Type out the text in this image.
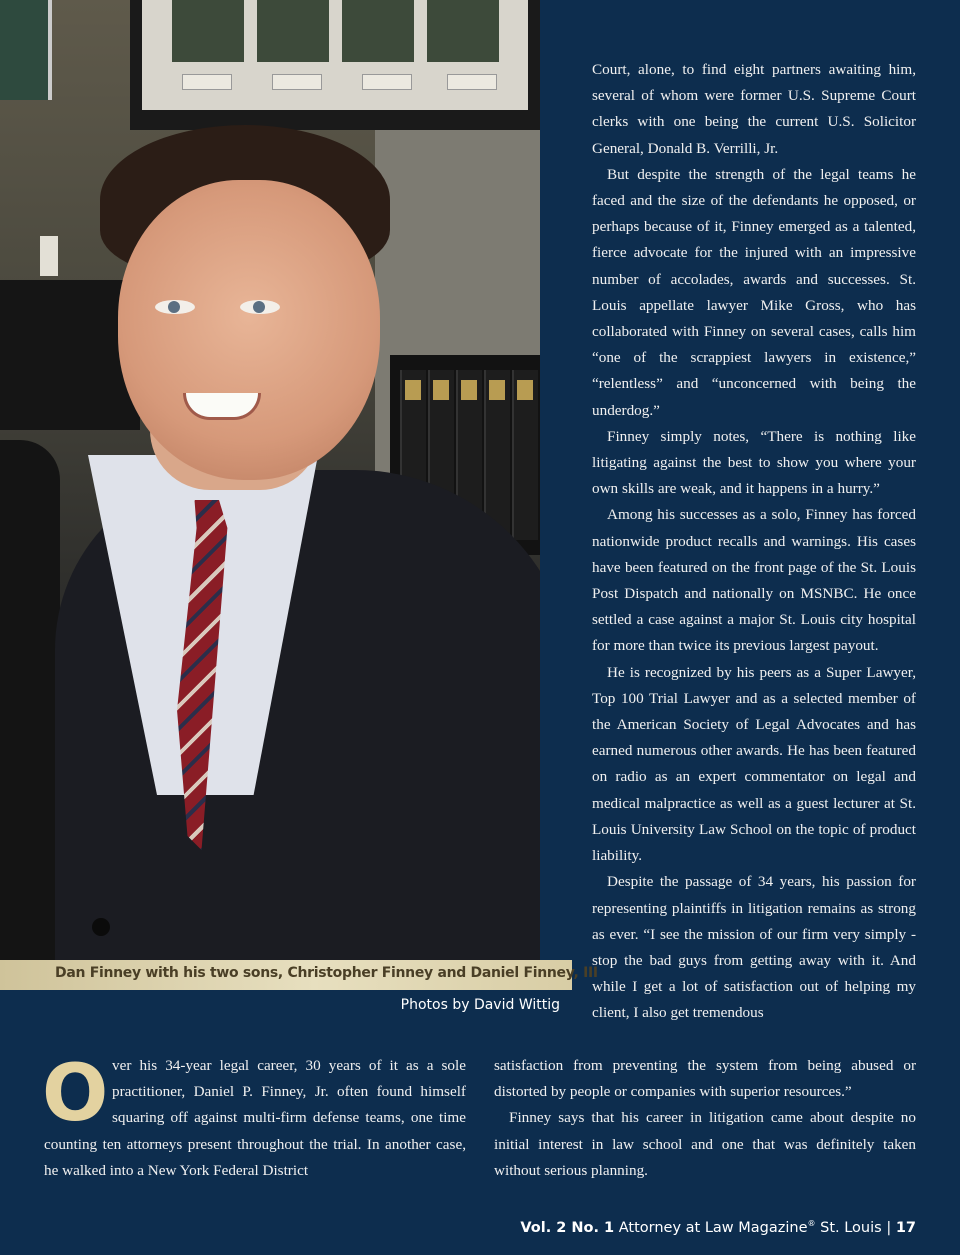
Dan Finney with his two sons, Christopher Finney and Daniel Finney, III
Photos by David Wittig

Court, alone, to find eight partners awaiting him, several of whom were former U.S. Supreme Court clerks with one being the current U.S. Solicitor General, Donald B. Verrilli, Jr.

But despite the strength of the legal teams he faced and the size of the defendants he opposed, or perhaps because of it, Finney emerged as a talented, fierce advocate for the injured with an impressive number of accolades, awards and successes. St. Louis appellate lawyer Mike Gross, who has collaborated with Finney on several cases, calls him “one of the scrappiest lawyers in existence,” “relentless” and “unconcerned with being the underdog.”

Finney simply notes, “There is nothing like litigating against the best to show you where your own skills are weak, and it happens in a hurry.”

Among his successes as a solo, Finney has forced nationwide product recalls and warnings. His cases have been featured on the front page of the St. Louis Post Dispatch and nationally on MSNBC. He once settled a case against a major St. Louis city hospital for more than twice its previous largest payout.

He is recognized by his peers as a Super Lawyer, Top 100 Trial Lawyer and as a selected member of the American Society of Legal Advocates and has earned numerous other awards. He has been featured on radio as an expert commentator on legal and medical malpractice as well as a guest lecturer at St. Louis University Law School on the topic of product liability.

Despite the passage of 34 years, his passion for representing plaintiffs in litigation remains as strong as ever. “I see the mission of our firm very simply - stop the bad guys from getting away with it. And while I get a lot of satisfaction out of helping my client, I also get tremendous

O ver his 34-year legal career, 30 years of it as a sole practitioner, Daniel P. Finney, Jr. often found himself squaring off against multi-firm defense teams, one time counting ten attorneys present throughout the trial. In another case, he walked into a New York Federal District

satisfaction from preventing the system from being abused or distorted by people or companies with superior resources.”

Finney says that his career in litigation came about despite no initial interest in law school and one that was definitely taken without serious planning.

Vol. 2 No. 1 Attorney at Law Magazine® St. Louis | 17
